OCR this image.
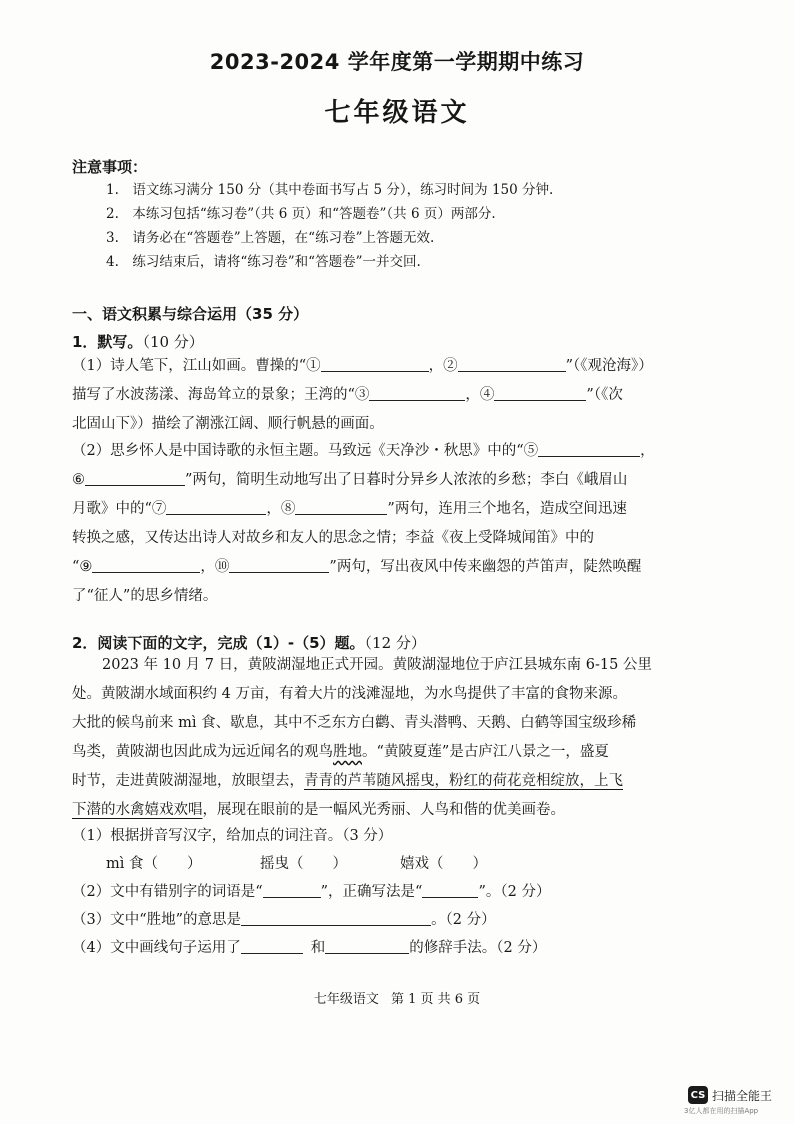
2023-2024 学年度第一学期期中练习
七年级语文
注意事项：
1.　语文练习满分 150 分（其中卷面书写占 5 分），练习时间为 150 分钟.
2.　本练习包括“练习卷”（共 6 页）和“答题卷”（共 6 页）两部分.
3.　请务必在“答题卷”上答题，在“练习卷”上答题无效.
4.　练习结束后，请将“练习卷”和“答题卷”一并交回.
一、语文积累与综合运用（35 分）
1．默写。（10 分）
（1）诗人笔下，江山如画。曹操的“①	，②	”（《观沧海》）
描写了水波荡漾、海岛耸立的景象；王湾的“③	，④	”（《次
北固山下》）描绘了潮涨江阔、顺行帆悬的画面。
（2）思乡怀人是中国诗歌的永恒主题。马致远《天净沙・秋思》中的“⑤	，
⑥	”两句，简明生动地写出了日暮时分异乡人浓浓的乡愁；李白《峨眉山
月歌》中的“⑦	，⑧	”两句，连用三个地名，造成空间迅速
转换之感，又传达出诗人对故乡和友人的思念之情；李益《夜上受降城闻笛》中的
“⑨	，⑩	”两句，写出夜风中传来幽怨的芦笛声，陡然唤醒
了“征人”的思乡情绪。
2．阅读下面的文字，完成（1）-（5）题。（12 分）
2023 年 10 月 7 日，黄陂湖湿地正式开园。黄陂湖湿地位于庐江县城东南 6-15 公里
处。黄陂湖水域面积约 4 万亩，有着大片的浅滩湿地，为水鸟提供了丰富的食物来源。
大批的候鸟前来 mì 食、歇息，其中不乏东方白鹳、青头潜鸭、天鹅、白鹤等国宝级珍稀
鸟类，黄陂湖也因此成为远近闻名的观鸟胜地。“黄陂夏莲”是古庐江八景之一，盛夏
时节，走进黄陂湖湿地，放眼望去，青青的芦苇随风摇曳，粉红的荷花竞相绽放，上飞
下潜的水禽嬉戏欢唱，展现在眼前的是一幅风光秀丽、人鸟和偕的优美画卷。
（1）根据拼音写汉字，给加点的词注音。（3 分）
mì 食（　　）	摇曳（　　）	嬉戏（　　）
（2）文中有错别字的词语是“	”，正确写法是“	”。（2 分）
（3）文中“胜地”的意思是	。（2 分）
（4）文中画线句子运用了	和	的修辞手法。（2 分）
七年级语文 第 1 页 共 6 页
CS 扫描全能王
3亿人都在用的扫描App
